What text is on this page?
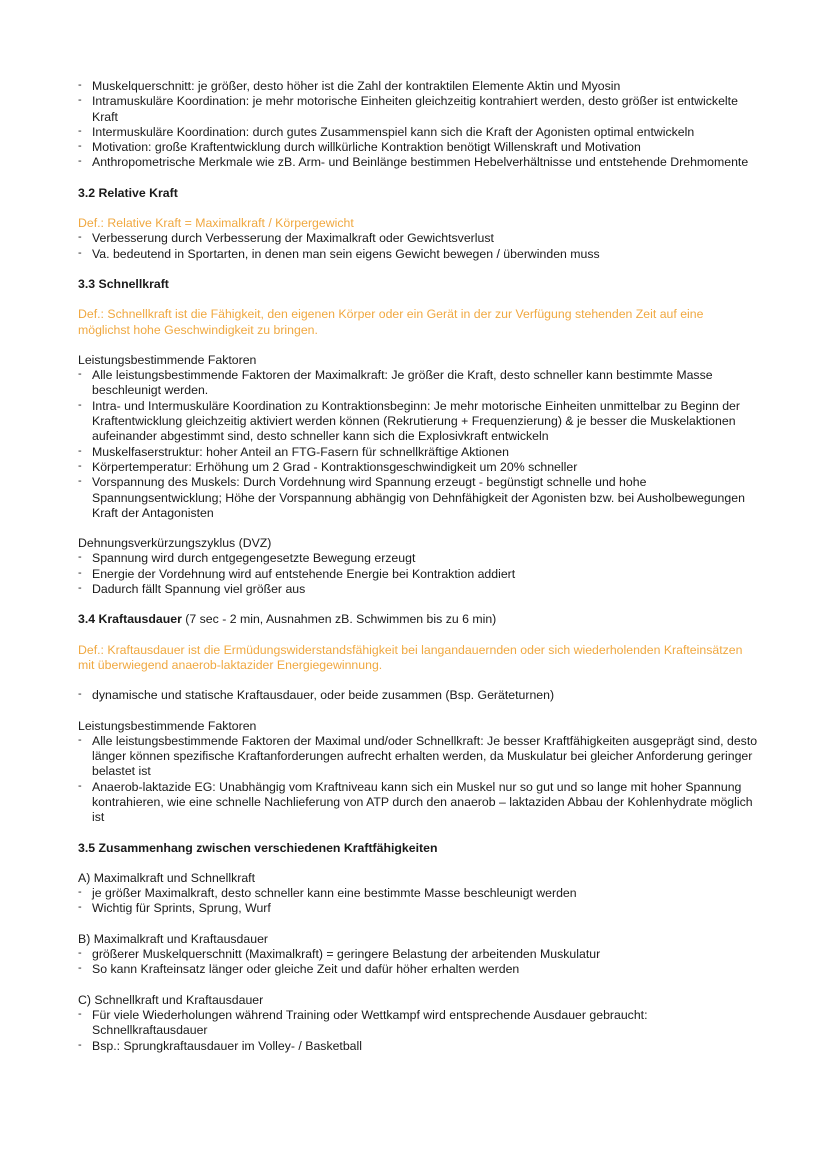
- Muskelquerschnitt: je größer, desto höher ist die Zahl der kontraktilen Elemente Aktin und Myosin
- Intramuskuläre Koordination: je mehr motorische Einheiten gleichzeitig kontrahiert werden, desto größer ist entwickelte Kraft
- Intermuskuläre Koordination: durch gutes Zusammenspiel kann sich die Kraft der Agonisten optimal entwickeln
- Motivation: große Kraftentwicklung durch willkürliche Kontraktion benötigt Willenskraft und Motivation
- Anthropometrische Merkmale wie zB. Arm- und Beinlänge bestimmen Hebelverhältnisse und entstehende Drehmomente

3.2 Relative Kraft

Def.: Relative Kraft = Maximalkraft / Körpergewicht

- Verbesserung durch Verbesserung der Maximalkraft oder Gewichtsverlust
- Va. bedeutend in Sportarten, in denen man sein eigens Gewicht bewegen / überwinden muss

3.3 Schnellkraft

Def.: Schnellkraft ist die Fähigkeit, den eigenen Körper oder ein Gerät in der zur Verfügung stehenden Zeit auf eine möglichst hohe Geschwindigkeit zu bringen.

Leistungsbestimmende Faktoren

- Alle leistungsbestimmende Faktoren der Maximalkraft: Je größer die Kraft, desto schneller kann bestimmte Masse beschleunigt werden.
- Intra- und Intermuskuläre Koordination zu Kontraktionsbeginn: Je mehr motorische Einheiten unmittelbar zu Beginn der Kraftentwicklung gleichzeitig aktiviert werden können (Rekrutierung + Frequenzierung) & je besser die Muskelaktionen aufeinander abgestimmt sind, desto schneller kann sich die Explosivkraft entwickeln
- Muskelfaserstruktur: hoher Anteil an FTG-Fasern für schnellkräftige Aktionen
- Körpertemperatur: Erhöhung um 2 Grad - Kontraktionsgeschwindigkeit um 20% schneller
- Vorspannung des Muskels: Durch Vordehnung wird Spannung erzeugt - begünstigt schnelle und hohe Spannungsentwicklung; Höhe der Vorspannung abhängig von Dehnfähigkeit der Agonisten bzw. bei Ausholbewegungen Kraft der Antagonisten

Dehnungsverkürzungszyklus (DVZ)

- Spannung wird durch entgegengesetzte Bewegung erzeugt
- Energie der Vordehnung wird auf entstehende Energie bei Kontraktion addiert
- Dadurch fällt Spannung viel größer aus

3.4 Kraftausdauer (7 sec - 2 min, Ausnahmen zB. Schwimmen bis zu 6 min)

Def.: Kraftausdauer ist die Ermüdungswiderstandsfähigkeit bei langandauernden oder sich wiederholenden Krafteinsätzen mit überwiegend anaerob-laktazider Energiegewinnung.

- dynamische und statische Kraftausdauer, oder beide zusammen (Bsp. Geräteturnen)

Leistungsbestimmende Faktoren

- Alle leistungsbestimmende Faktoren der Maximal und/oder Schnellkraft: Je besser Kraftfähigkeiten ausgeprägt sind, desto länger können spezifische Kraftanforderungen aufrecht erhalten werden, da Muskulatur bei gleicher Anforderung geringer belastet ist
- Anaerob-laktazide EG: Unabhängig vom Kraftniveau kann sich ein Muskel nur so gut und so lange mit hoher Spannung kontrahieren, wie eine schnelle Nachlieferung von ATP durch den anaerob – laktaziden Abbau der Kohlenhydrate möglich ist

3.5 Zusammenhang zwischen verschiedenen Kraftfähigkeiten

A) Maximalkraft und Schnellkraft

- je größer Maximalkraft, desto schneller kann eine bestimmte Masse beschleunigt werden
- Wichtig für Sprints, Sprung, Wurf

B) Maximalkraft und Kraftausdauer

- größerer Muskelquerschnitt (Maximalkraft) = geringere Belastung der arbeitenden Muskulatur
- So kann Krafteinsatz länger oder gleiche Zeit und dafür höher erhalten werden

C) Schnellkraft und Kraftausdauer

- Für viele Wiederholungen während Training oder Wettkampf wird entsprechende Ausdauer gebraucht: Schnellkraftausdauer
- Bsp.: Sprungkraftausdauer im Volley- / Basketball
